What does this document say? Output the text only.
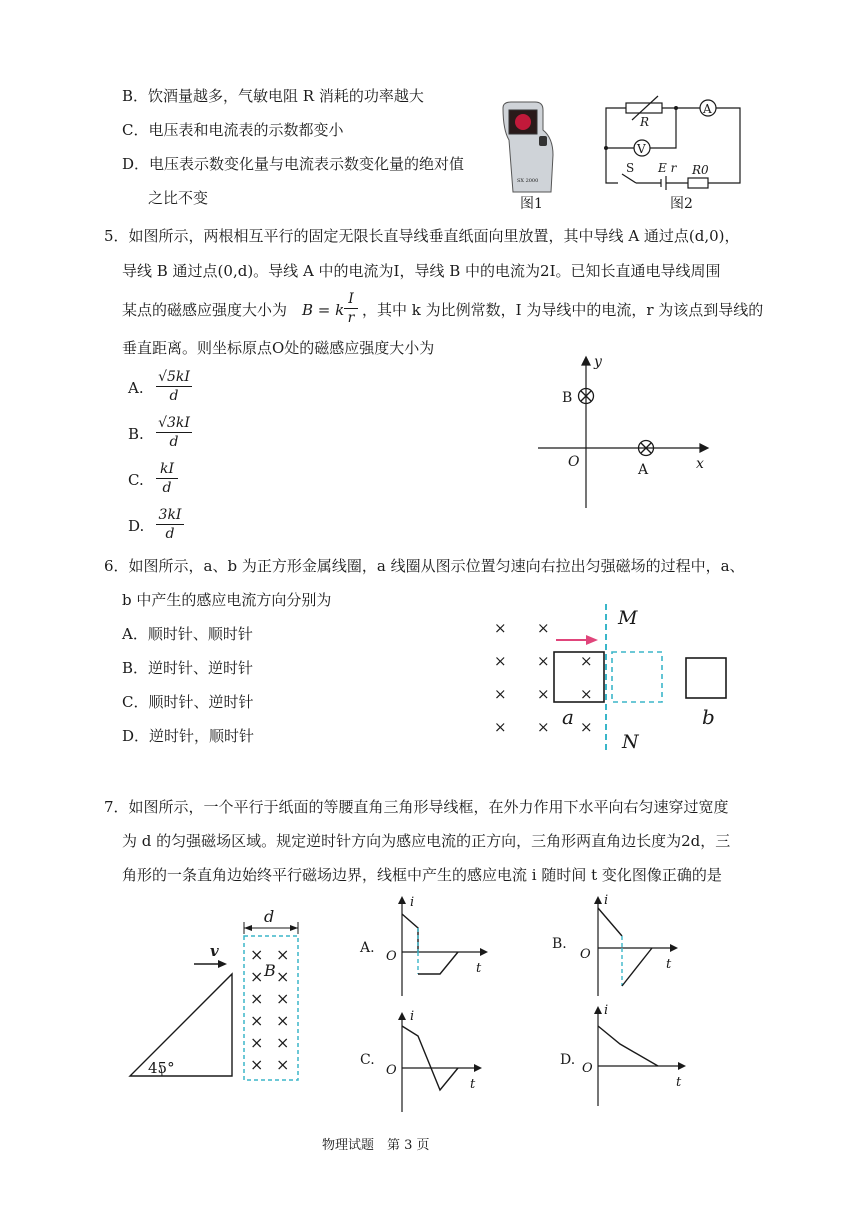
B．饮酒量越多，气敏电阻 R 消耗的功率越大
C．电压表和电流表的示数都变小
D．电压表示数变化量与电流表示数变化量的绝对值
之比不变
SX 2000
图1
R
A
V
S E r R0
图2
5．如图所示，两根相互平行的固定无限长直导线垂直纸面向里放置，其中导线 A 通过点(d,0)，
导线 B 通过点(0,d)。导线 A 中的电流为I，导线 B 中的电流为2I。已知长直通电导线周围
某点的磁感应强度大小为 B = k $\frac{I}{r}$ ，其中 k 为比例常数，I 为导线中的电流，r 为该点到导线的
垂直距离。则坐标原点O处的磁感应强度大小为
A. $\frac{√5kI}{d}$
B. $\frac{√3kI}{d}$
C. $\frac{kI}{d}$
D. $\frac{3kI}{d}$
y
x
O	A
B
6．如图所示，a、b 为正方形金属线圈，a 线圈从图示位置匀速向右拉出匀强磁场的过程中，a、
b 中产生的感应电流方向分别为
A．顺时针、顺时针
B．逆时针、逆时针
C．顺时针、逆时针
D．逆时针，顺时针
× ×
× × ×
× × ×
× × ×
M
N
a	b
7．如图所示，一个平行于纸面的等腰直角三角形导线框，在外力作用下水平向右匀速穿过宽度
为 d 的匀强磁场区域。规定逆时针方向为感应电流的正方向，三角形两直角边长度为2d，三
角形的一条直角边始终平行磁场边界，线框中产生的感应电流 i 随时间 t 变化图像正确的是
45°
v
d
× ×
× ×
× ×
× ×
× ×
× ×
B
i
t
O
A.
i
t
O
B.
i
t
O
C.
i
t
O
D.
物理试题　第 3 页
